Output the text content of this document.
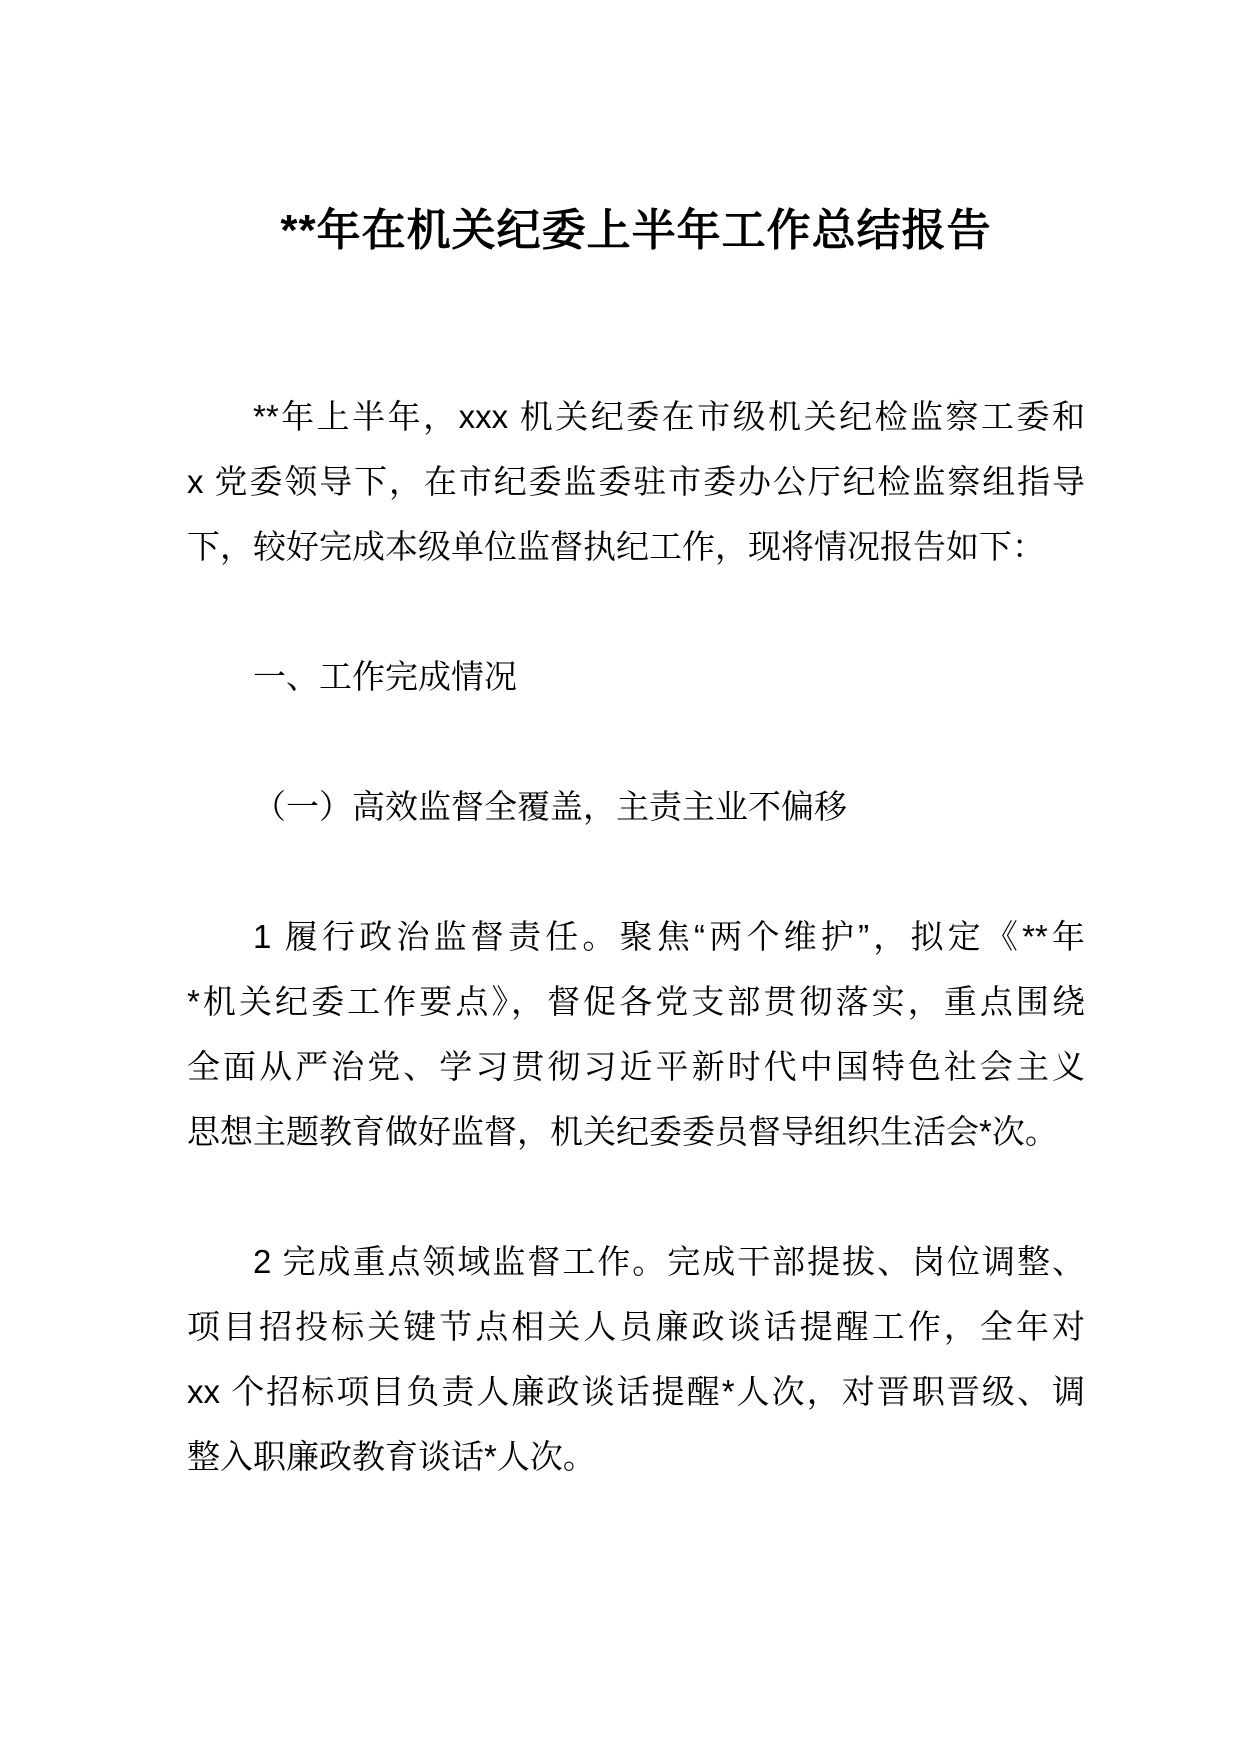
**年在机关纪委上半年工作总结报告
**年上半年，xxx 机关纪委在市级机关纪检监察工委和
x 党委领导下，在市纪委监委驻市委办公厅纪检监察组指导
下，较好完成本级单位监督执纪工作，现将情况报告如下：
一、工作完成情况
（一）高效监督全覆盖，主责主业不偏移
1 履行政治监督责任。聚焦“两个维护”，拟定《**年
*机关纪委工作要点》，督促各党支部贯彻落实，重点围绕
全面从严治党、学习贯彻习近平新时代中国特色社会主义
思想主题教育做好监督，机关纪委委员督导组织生活会*次。
2 完成重点领域监督工作。完成干部提拔、岗位调整、
项目招投标关键节点相关人员廉政谈话提醒工作，全年对
xx 个招标项目负责人廉政谈话提醒*人次，对晋职晋级、调
整入职廉政教育谈话*人次。
